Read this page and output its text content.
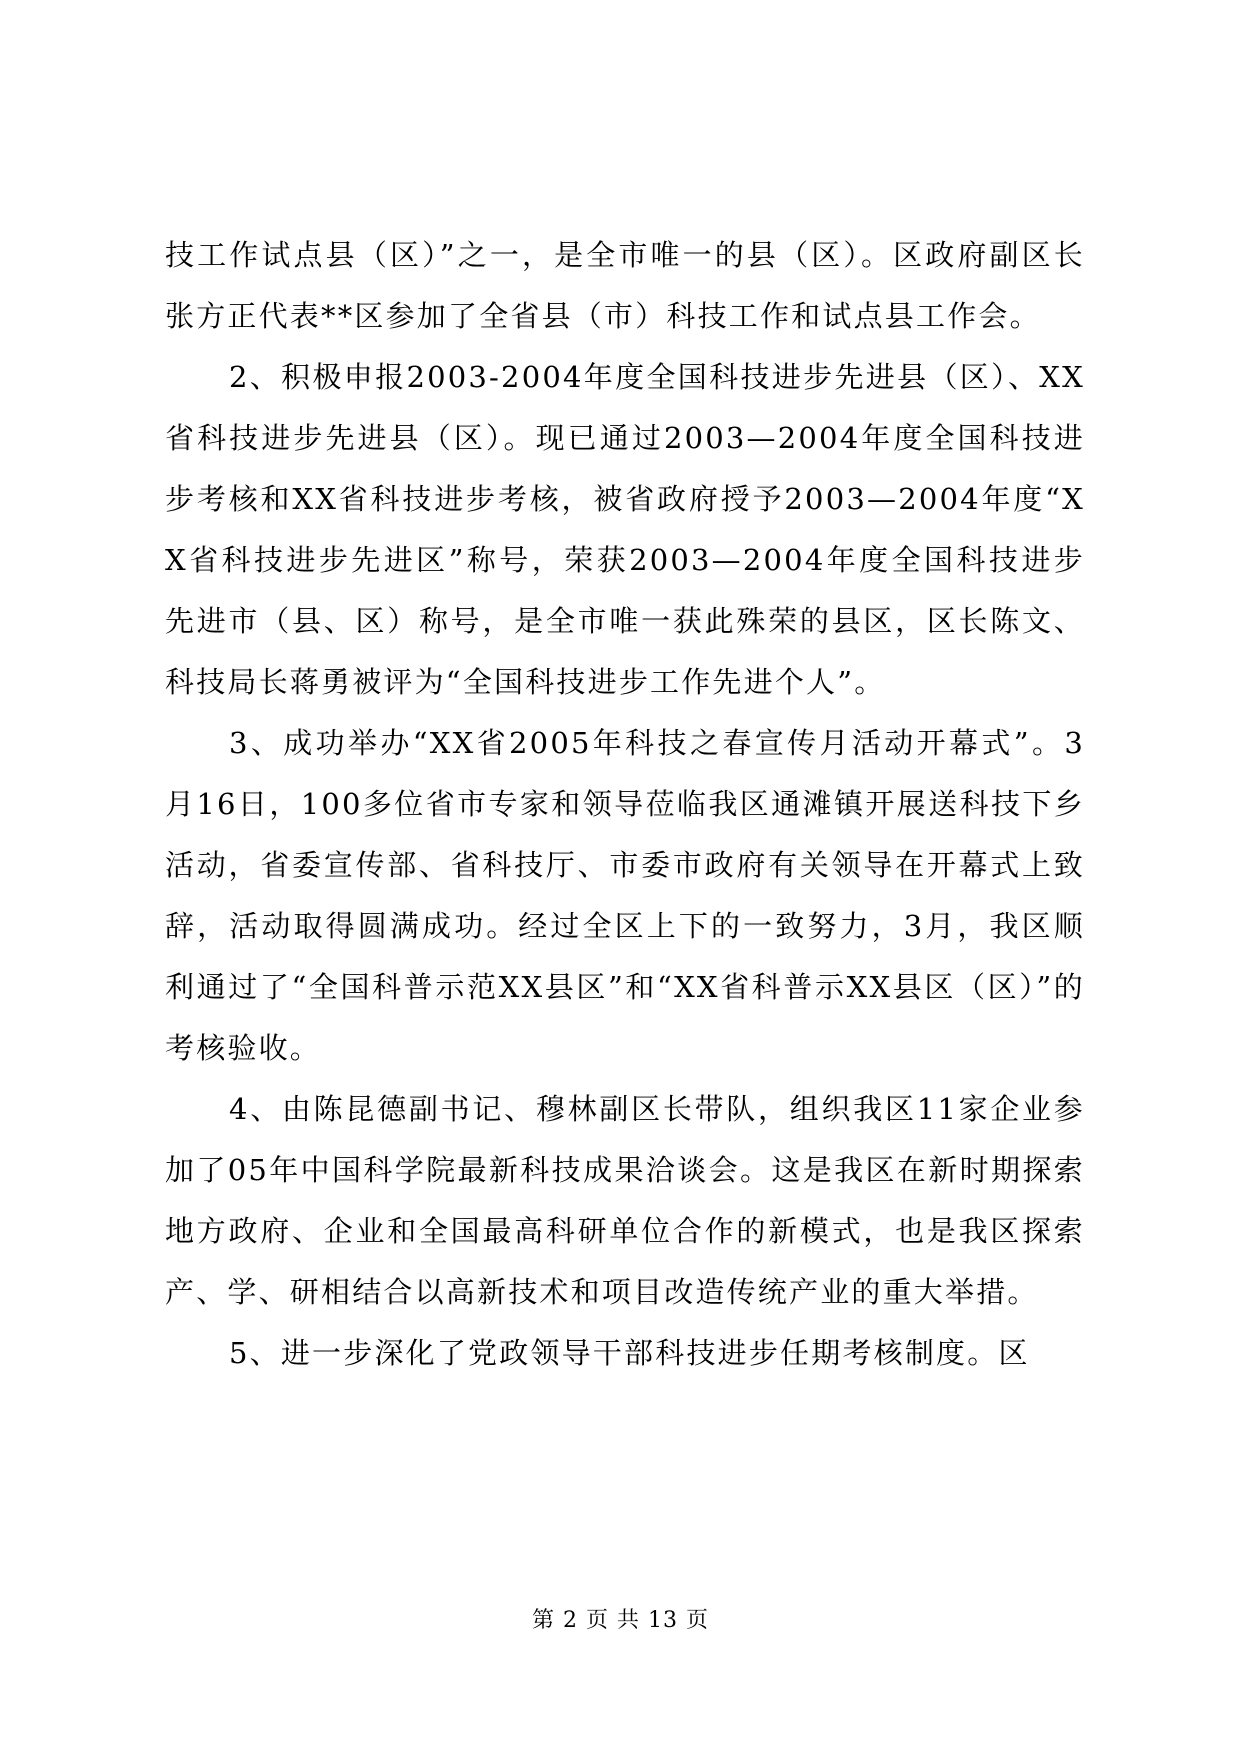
技工作试点县（区）”之一，是全市唯一的县（区）。区政府副区长张方正代表**区参加了全省县（市）科技工作和试点县工作会。

2、积极申报2003-2004年度全国科技进步先进县（区）、XX省科技进步先进县（区）。现已通过2003—2004年度全国科技进步考核和XX省科技进步考核，被省政府授予2003—2004年度“XX省科技进步先进区”称号，荣获2003—2004年度全国科技进步先进市（县、区）称号，是全市唯一获此殊荣的县区，区长陈文、科技局长蒋勇被评为“全国科技进步工作先进个人”。

3、成功举办“XX省2005年科技之春宣传月活动开幕式”。3月16日，100多位省市专家和领导莅临我区通滩镇开展送科技下乡活动，省委宣传部、省科技厅、市委市政府有关领导在开幕式上致辞，活动取得圆满成功。经过全区上下的一致努力，3月，我区顺利通过了“全国科普示范XX县区”和“XX省科普示XX县区（区）”的考核验收。

4、由陈昆德副书记、穆林副区长带队，组织我区11家企业参加了05年中国科学院最新科技成果洽谈会。这是我区在新时期探索地方政府、企业和全国最高科研单位合作的新模式，也是我区探索产、学、研相结合以高新技术和项目改造传统产业的重大举措。

5、进一步深化了党政领导干部科技进步任期考核制度。区

第 2 页 共 13 页
